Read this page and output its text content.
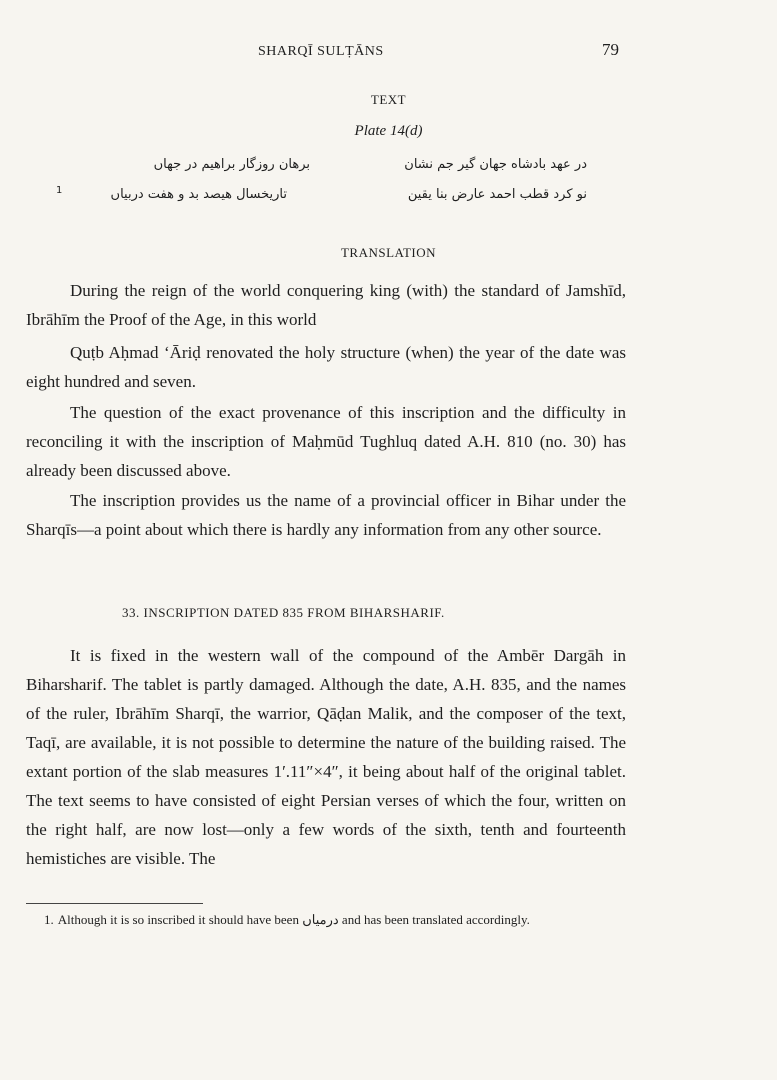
SHARQĪ SULṬĀNS	79
TEXT
Plate 14(d)
در عهد بادشاه جهان گیر جم نشان
برهان روزگار براهیم در جهاں
نو کرد قطب احمد عارض بنا یقین
تاریخسال هیصد بد و هفت دربیاں
1
TRANSLATION
During the reign of the world conquering king (with) the standard of Jamshīd, Ibrāhīm the Proof of the Age, in this world
Quṭb Aḥmad ‘Āriḍ renovated the holy structure (when) the year of the date was eight hundred and seven.
The question of the exact provenance of this inscription and the difficulty in reconciling it with the inscription of Maḥmūd Tughluq dated A.H. 810 (no. 30) has already been discussed above.
The inscription provides us the name of a provincial officer in Bihar under the Sharqīs—a point about which there is hardly any information from any other source.
33. INSCRIPTION DATED 835 FROM BIHARSHARIF.
It is fixed in the western wall of the compound of the Ambēr Dargāh in Biharsharif. The tablet is partly damaged. Although the date, A.H. 835, and the names of the ruler, Ibrāhīm Sharqī, the warrior, Qāḍan Malik, and the composer of the text, Taqī, are available, it is not possible to determine the nature of the building raised. The extant portion of the slab measures 1′.11″×4″, it being about half of the original tablet. The text seems to have consisted of eight Persian verses of which the four, written on the right half, are now lost—only a few words of the sixth, tenth and fourteenth hemistiches are visible. The
1. Although it is so inscribed it should have been درمیاں and has been translated accordingly.
